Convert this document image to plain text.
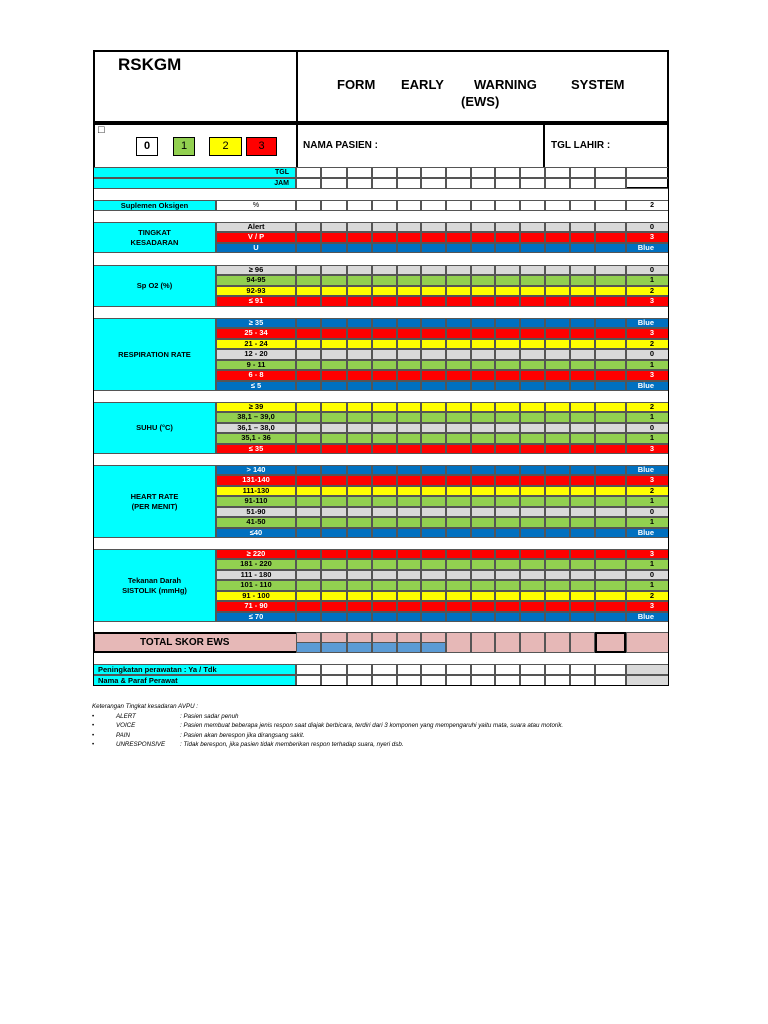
RSKGM
FORM EARLY WARNING	SYSTEM
(EWS)
□
0	1	2	3	NAMA PASIEN :	TGL LAHIR :
TGL
JAM
Suplemen Oksigen	%	2
TINGKAT
KESADARAN
Alert	0
V / P	3
U	Blue
Sp O2 (%)
≥ 96	0
94-95	1
92-93	2
≤ 91	3
RESPIRATION RATE
≥ 35	Blue
25 - 34	3
21 - 24	2
12 - 20	0
9 - 11	1
6 - 8	3
≤ 5	Blue
SUHU (°C)
≥ 39	2
38,1 – 39,0	1
36,1 – 38,0	0
35,1 - 36	1
≤ 35	3
HEART RATE
(PER MENIT)
> 140	Blue
131-140	3
111-130	2
91-110	1
51-90	0
41-50	1
≤40	Blue
Tekanan Darah
SISTOLIK (mmHg)
≥ 220	3
181 - 220	1
111 - 180	0
101 - 110	1
91 - 100	2
71 - 90	3
≤ 70	Blue
TOTAL SKOR EWS
Peningkatan perawatan : Ya / Tdk
Nama & Paraf Perawat
Keterangan Tingkat kesadaran AVPU :
•	ALERT	: Pasien sadar penuh
•	VOICE	: Pasien membuat beberapa jenis respon saat diajak berbicara, terdiri dari 3 komponen yang mempengaruhi yaitu mata, suara atau motorik.
•	PAIN	: Pasien akan berespon jika dirangsang sakit.
•	UNRESPONSIVE : Tidak berespon, jika pasien tidak memberikan respon terhadap suara, nyeri dsb.
